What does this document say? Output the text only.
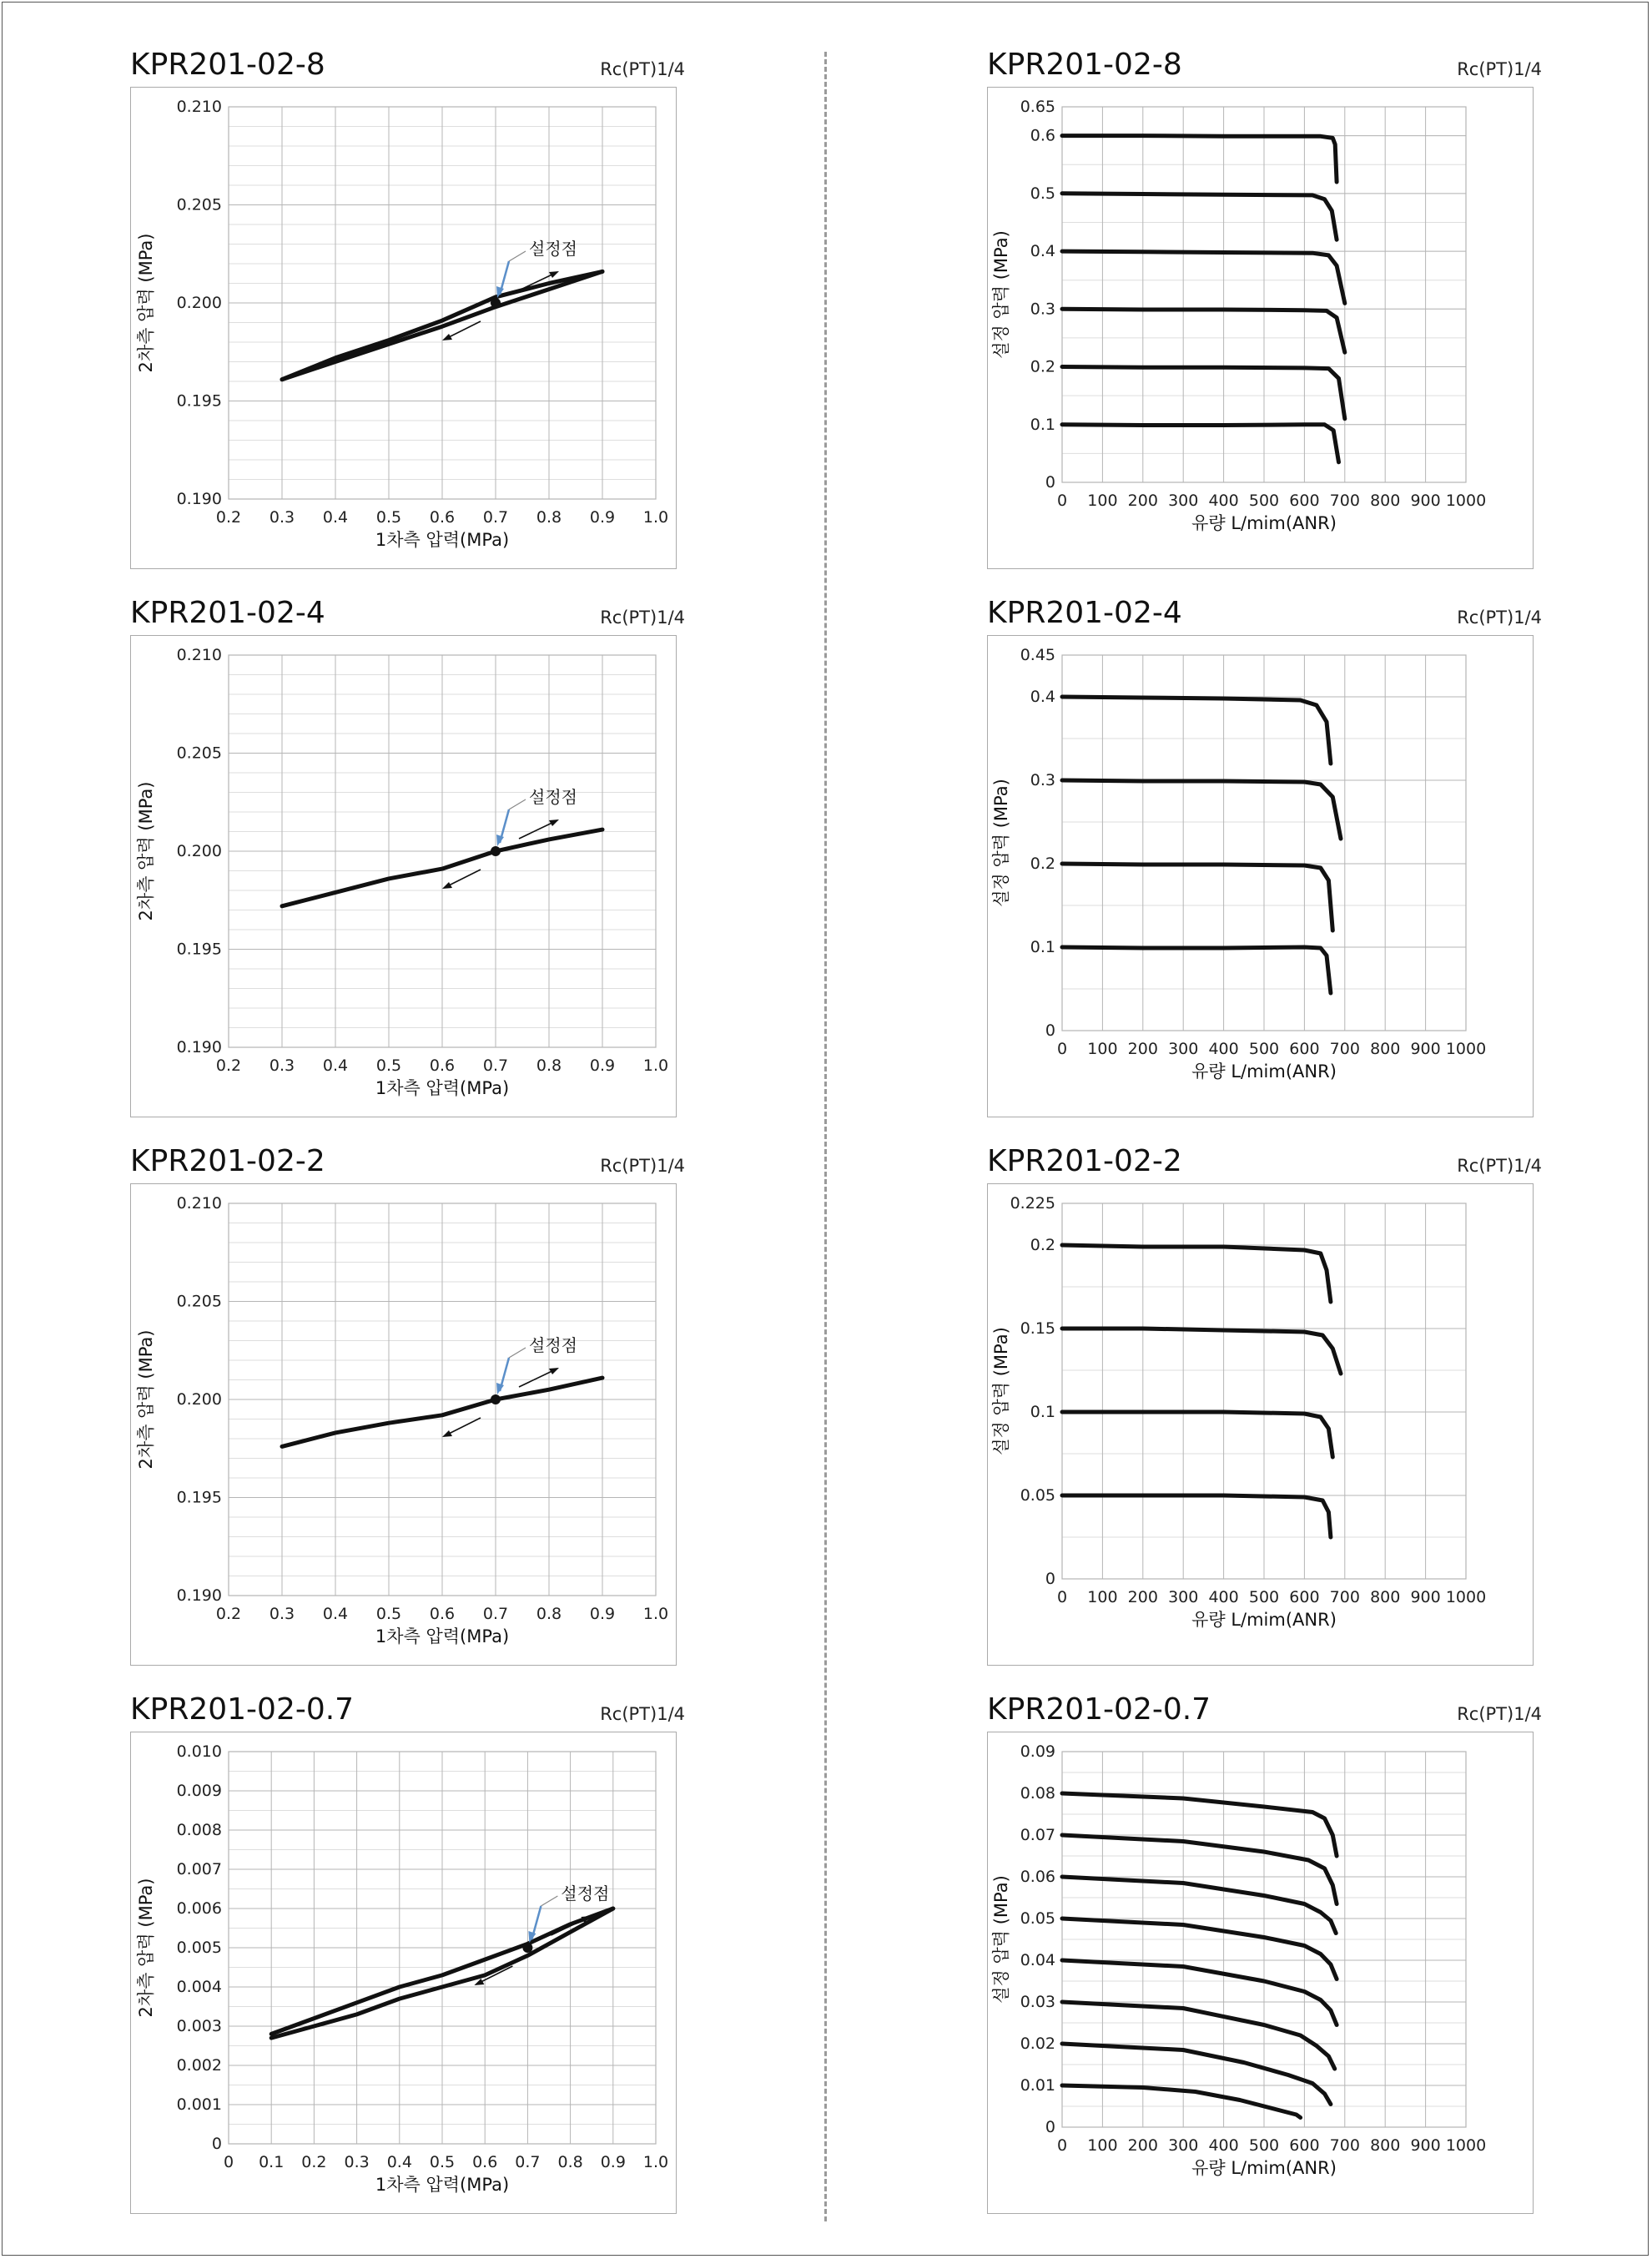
KPR201-02-8	Rc(PT)1/4
0.190
0.195
0.200
0.205
0.210
0.2 0.3 0.4 0.5 0.6 0.7 0.8 0.9 1.0
1차측 압력(MPa)
2차측 압력 (MPa)	설정점
KPR201-02-4	Rc(PT)1/4
0.190
0.195
0.200
0.205
0.210
0.2 0.3 0.4 0.5 0.6 0.7 0.8 0.9 1.0
1차측 압력(MPa)
2차측 압력 (MPa)	설정점
KPR201-02-2	Rc(PT)1/4
0.190
0.195
0.200
0.205
0.210
0.2 0.3 0.4 0.5 0.6 0.7 0.8 0.9 1.0
1차측 압력(MPa)
2차측 압력 (MPa)	설정점
KPR201-02-0.7	Rc(PT)1/4
0
0.001
0.002
0.003
0.004
0.005
0.006
0.007
0.008
0.009
0.010
0 0.1 0.2 0.3 0.4 0.5 0.6 0.7 0.8 0.9 1.0
1차측 압력(MPa)
2차측 압력 (MPa)	설정점
KPR201-02-8	Rc(PT)1/4
0
0.1
0.2
0.3
0.4
0.5
0.6
0.65
0 100 200 300 400 500 600 700 800 900 1000
유량 L/mim(ANR)
설정 압력 (MPa)
KPR201-02-4	Rc(PT)1/4
0
0.1
0.2
0.3
0.4
0.45
0 100 200 300 400 500 600 700 800 900 1000
유량 L/mim(ANR)
설정 압력 (MPa)
KPR201-02-2	Rc(PT)1/4
0
0.05
0.1
0.15
0.2
0.225
0 100 200 300 400 500 600 700 800 900 1000
유량 L/mim(ANR)
설정 압력 (MPa)
KPR201-02-0.7	Rc(PT)1/4
0
0.01
0.02
0.03
0.04
0.05
0.06
0.07
0.08
0.09
0 100 200 300 400 500 600 700 800 900 1000
유량 L/mim(ANR)
설정 압력 (MPa)
